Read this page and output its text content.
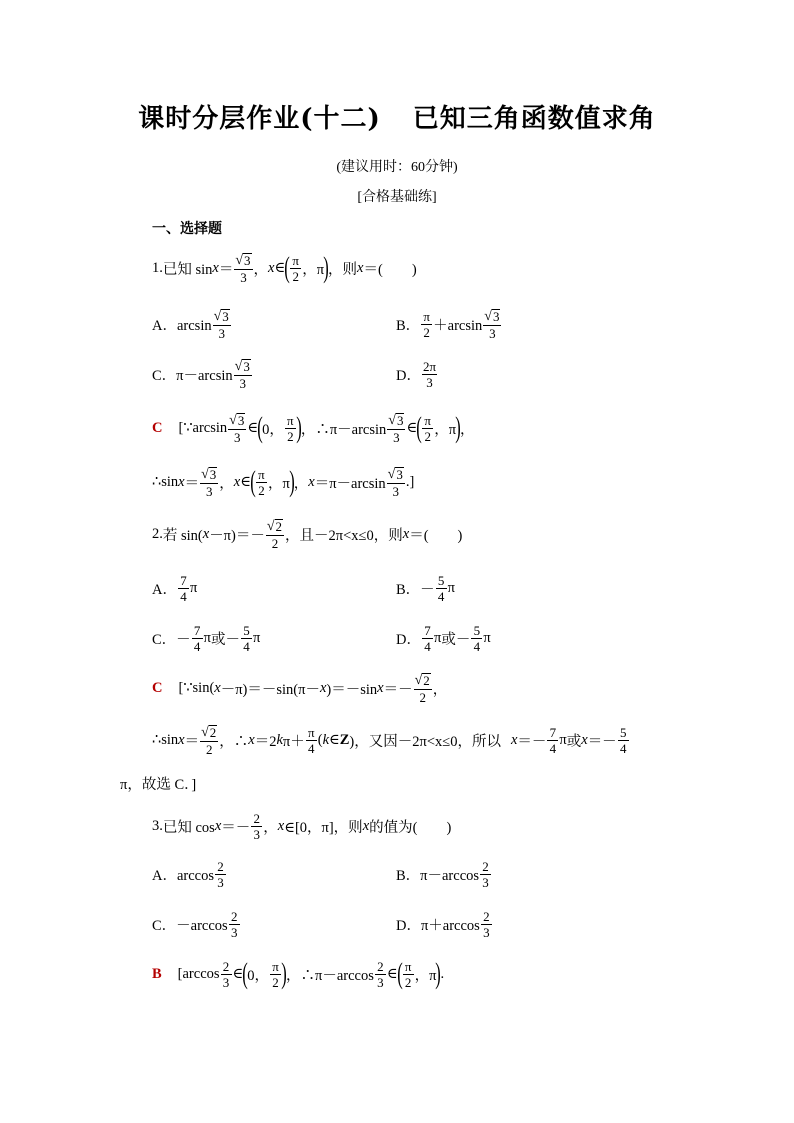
课时分层作业(十二) 已知三角函数值求角
(建议用时：60分钟)
[合格基础练]
一、选择题
1. 已知 $\sin x = \frac{√ 3}{3}$ ， x ∈ ( $\frac{\pi}{2}$ ，π ) ，则 x ＝ (　　)
A．$\arcsin \frac{√ 3}{3}$	B． $\frac{\pi}{2} +\arcsin \frac{√ 3}{3}$
C．$\pi-\arcsin \frac{√ 3}{3}$	D． $\frac{2\pi}{3}$
C [∵arcsin $\frac{√ 3}{3}$ ∈ ( 0， $\frac{\pi}{2}$ ) ，∴π－arcsin $\frac{√ 3}{3}$ ∈ ( $\frac{\pi}{2}$ ，π ) ，
∴sin $x = \frac{√ 3}{3}$ ， x ∈ ( $\frac{\pi}{2}$ ，π ) ， $x =\pi-\arcsin \frac{√ 3}{3}$ .]
2. 若 sin( $x -\pi)=- \frac{√ 2}{2}$ ， 且－2π<x≤0，则 x ＝ (　　)
A． $\frac{7}{4}$ π	B．－ $\frac{5}{4}$ π
C．－ $\frac{7}{4}$ π 或 － $\frac{5}{4}$ π	D． $\frac{7}{4}$ π 或 － $\frac{5}{4}$ π
C [∵sin( x －π)＝－sin(π－ x )＝－sin $x =- \frac{√ 2}{2}$ ，
∴sin $x = \frac{√ 2}{2}$ ，∴ x ＝2 k $\pi+ \frac{\pi}{4}$ ( k ∈ Z )， 又因－2π<x≤0，所以 $x =- \frac{7}{4}$ π 或 $x =- \frac{5}{4}$
π，故选 C．]
3. 已知 $\cos x =- \frac{2}{3}$ ， x ∈[0，π]，则 x 的值为 (　　)
A．$\arccos \frac{2}{3}$	B．$\pi-\arccos \frac{2}{3}$
C．$-\arccos \frac{2}{3}$	D．$\pi+\arccos \frac{2}{3}$
B [$\arccos \frac{2}{3}$ ∈ ( 0， $\frac{\pi}{2}$ ) ，∴π－arccos $\frac{2}{3}$ ∈ ( $\frac{\pi}{2}$ ，π ) .
